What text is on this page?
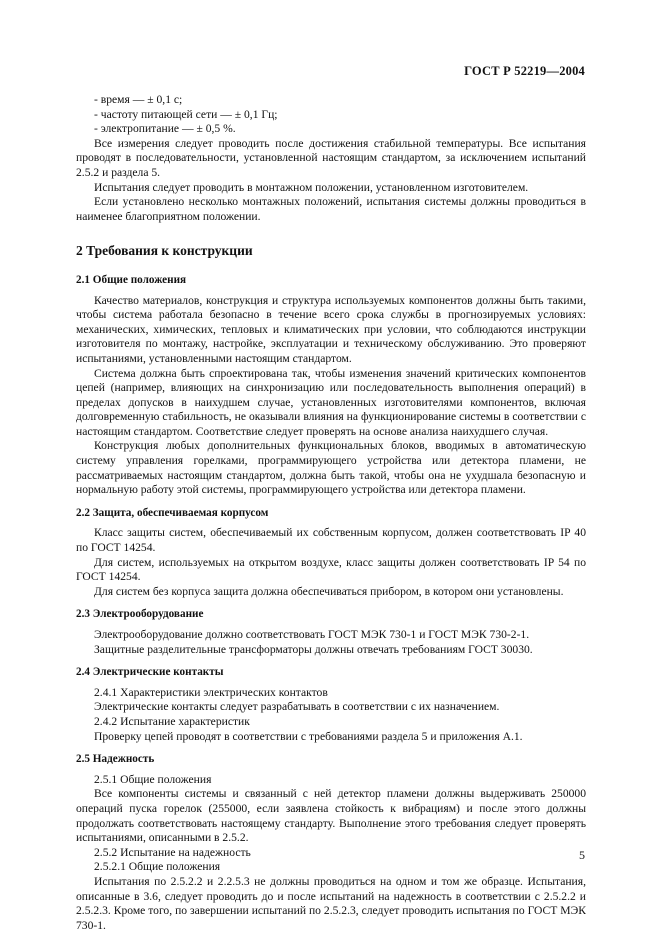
ГОСТ Р 52219—2004

- время — ± 0,1 с;

- частоту питающей сети — ± 0,1 Гц;

- электропитание — ± 0,5 %.

Все измерения следует проводить после достижения стабильной температуры. Все испытания проводят в последовательности, установленной настоящим стандартом, за исключением испытаний 2.5.2 и раздела 5.

Испытания следует проводить в монтажном положении, установленном изготовителем.

Если установлено несколько монтажных положений, испытания системы должны проводиться в наименее благоприятном положении.

2 Требования к конструкции
2.1 Общие положения

Качество материалов, конструкция и структура используемых компонентов должны быть такими, чтобы система работала безопасно в течение всего срока службы в прогнозируемых условиях: механических, химических, тепловых и климатических при условии, что соблюдаются инструкции изготовителя по монтажу, настройке, эксплуатации и техническому обслуживанию. Это проверяют испытаниями, установленными настоящим стандартом.

Система должна быть спроектирована так, чтобы изменения значений критических компонентов цепей (например, влияющих на синхронизацию или последовательность выполнения операций) в пределах допусков в наихудшем случае, установленных изготовителями компонентов, включая долговременную стабильность, не оказывали влияния на функционирование системы в соответствии с настоящим стандартом. Соответствие следует проверять на основе анализа наихудшего случая.

Конструкция любых дополнительных функциональных блоков, вводимых в автоматическую систему управления горелками, программирующего устройства или детектора пламени, не рассматриваемых настоящим стандартом, должна быть такой, чтобы она не ухудшала безопасную и нормальную работу этой системы, программирующего устройства или детектора пламени.

2.2 Защита, обеспечиваемая корпусом

Класс защиты систем, обеспечиваемый их собственным корпусом, должен соответствовать IP 40 по ГОСТ 14254.

Для систем, используемых на открытом воздухе, класс защиты должен соответствовать IP 54 по ГОСТ 14254.

Для систем без корпуса защита должна обеспечиваться прибором, в котором они установлены.

2.3 Электрооборудование

Электрооборудование должно соответствовать ГОСТ МЭК 730-1 и ГОСТ МЭК 730-2-1.

Защитные разделительные трансформаторы должны отвечать требованиям ГОСТ 30030.

2.4 Электрические контакты

2.4.1 Характеристики электрических контактов

Электрические контакты следует разрабатывать в соответствии с их назначением.

2.4.2 Испытание характеристик

Проверку цепей проводят в соответствии с требованиями раздела 5 и приложения А.1.

2.5 Надежность

2.5.1 Общие положения

Все компоненты системы и связанный с ней детектор пламени должны выдерживать 250000 операций пуска горелок (255000, если заявлена стойкость к вибрациям) и после этого должны продолжать соответствовать настоящему стандарту. Выполнение этого требования следует проверять испытаниями, описанными в 2.5.2.

2.5.2 Испытание на надежность

2.5.2.1 Общие положения

Испытания по 2.5.2.2 и 2.2.5.3 не должны проводиться на одном и том же образце. Испытания, описанные в 3.6, следует проводить до и после испытаний на надежность в соответствии с 2.5.2.2 и 2.5.2.3. Кроме того, по завершении испытаний по 2.5.2.3, следует проводить испытания по ГОСТ МЭК 730-1.

5
